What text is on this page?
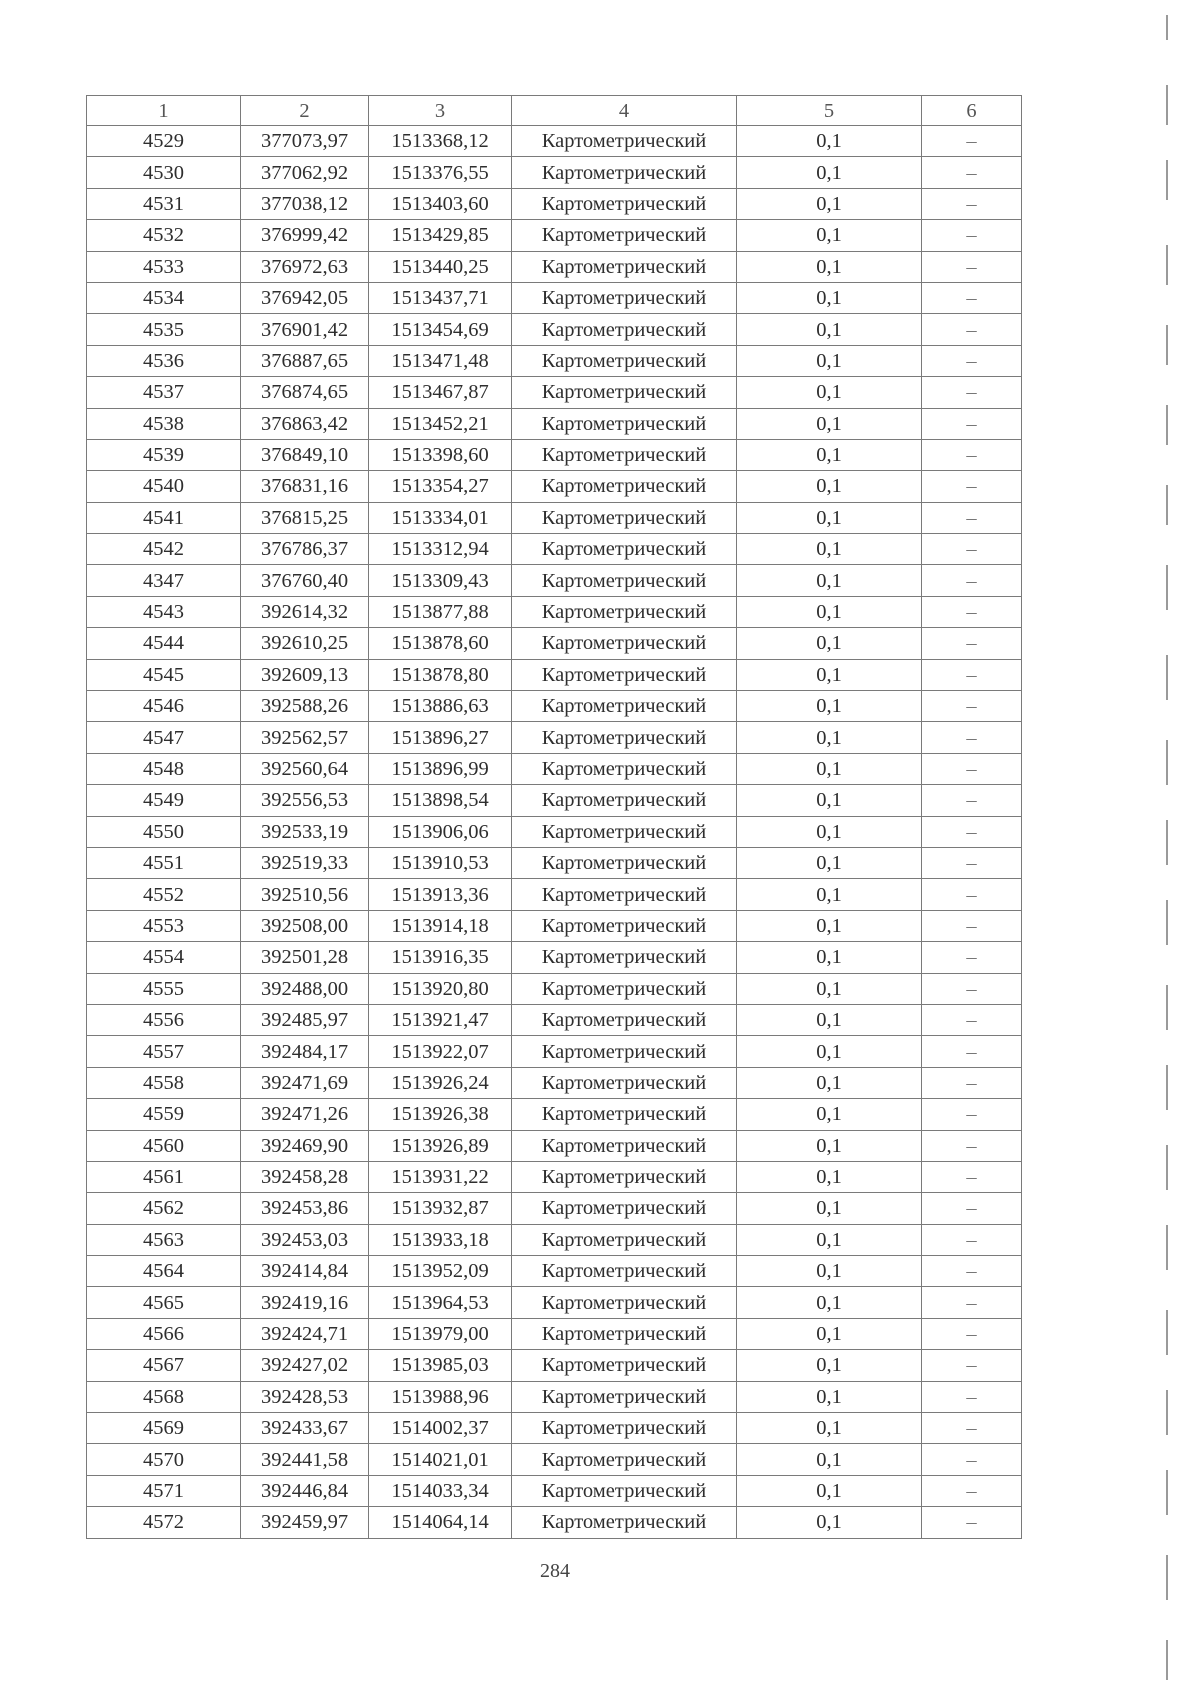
1	2	3	4	5	6
4529	377073,97	1513368,12	Картометрический	0,1	–
4530	377062,92	1513376,55	Картометрический	0,1	–
4531	377038,12	1513403,60	Картометрический	0,1	–
4532	376999,42	1513429,85	Картометрический	0,1	–
4533	376972,63	1513440,25	Картометрический	0,1	–
4534	376942,05	1513437,71	Картометрический	0,1	–
4535	376901,42	1513454,69	Картометрический	0,1	–
4536	376887,65	1513471,48	Картометрический	0,1	–
4537	376874,65	1513467,87	Картометрический	0,1	–
4538	376863,42	1513452,21	Картометрический	0,1	–
4539	376849,10	1513398,60	Картометрический	0,1	–
4540	376831,16	1513354,27	Картометрический	0,1	–
4541	376815,25	1513334,01	Картометрический	0,1	–
4542	376786,37	1513312,94	Картометрический	0,1	–
4347	376760,40	1513309,43	Картометрический	0,1	–
4543	392614,32	1513877,88	Картометрический	0,1	–
4544	392610,25	1513878,60	Картометрический	0,1	–
4545	392609,13	1513878,80	Картометрический	0,1	–
4546	392588,26	1513886,63	Картометрический	0,1	–
4547	392562,57	1513896,27	Картометрический	0,1	–
4548	392560,64	1513896,99	Картометрический	0,1	–
4549	392556,53	1513898,54	Картометрический	0,1	–
4550	392533,19	1513906,06	Картометрический	0,1	–
4551	392519,33	1513910,53	Картометрический	0,1	–
4552	392510,56	1513913,36	Картометрический	0,1	–
4553	392508,00	1513914,18	Картометрический	0,1	–
4554	392501,28	1513916,35	Картометрический	0,1	–
4555	392488,00	1513920,80	Картометрический	0,1	–
4556	392485,97	1513921,47	Картометрический	0,1	–
4557	392484,17	1513922,07	Картометрический	0,1	–
4558	392471,69	1513926,24	Картометрический	0,1	–
4559	392471,26	1513926,38	Картометрический	0,1	–
4560	392469,90	1513926,89	Картометрический	0,1	–
4561	392458,28	1513931,22	Картометрический	0,1	–
4562	392453,86	1513932,87	Картометрический	0,1	–
4563	392453,03	1513933,18	Картометрический	0,1	–
4564	392414,84	1513952,09	Картометрический	0,1	–
4565	392419,16	1513964,53	Картометрический	0,1	–
4566	392424,71	1513979,00	Картометрический	0,1	–
4567	392427,02	1513985,03	Картометрический	0,1	–
4568	392428,53	1513988,96	Картометрический	0,1	–
4569	392433,67	1514002,37	Картометрический	0,1	–
4570	392441,58	1514021,01	Картометрический	0,1	–
4571	392446,84	1514033,34	Картометрический	0,1	–
4572	392459,97	1514064,14	Картометрический	0,1	–
284
